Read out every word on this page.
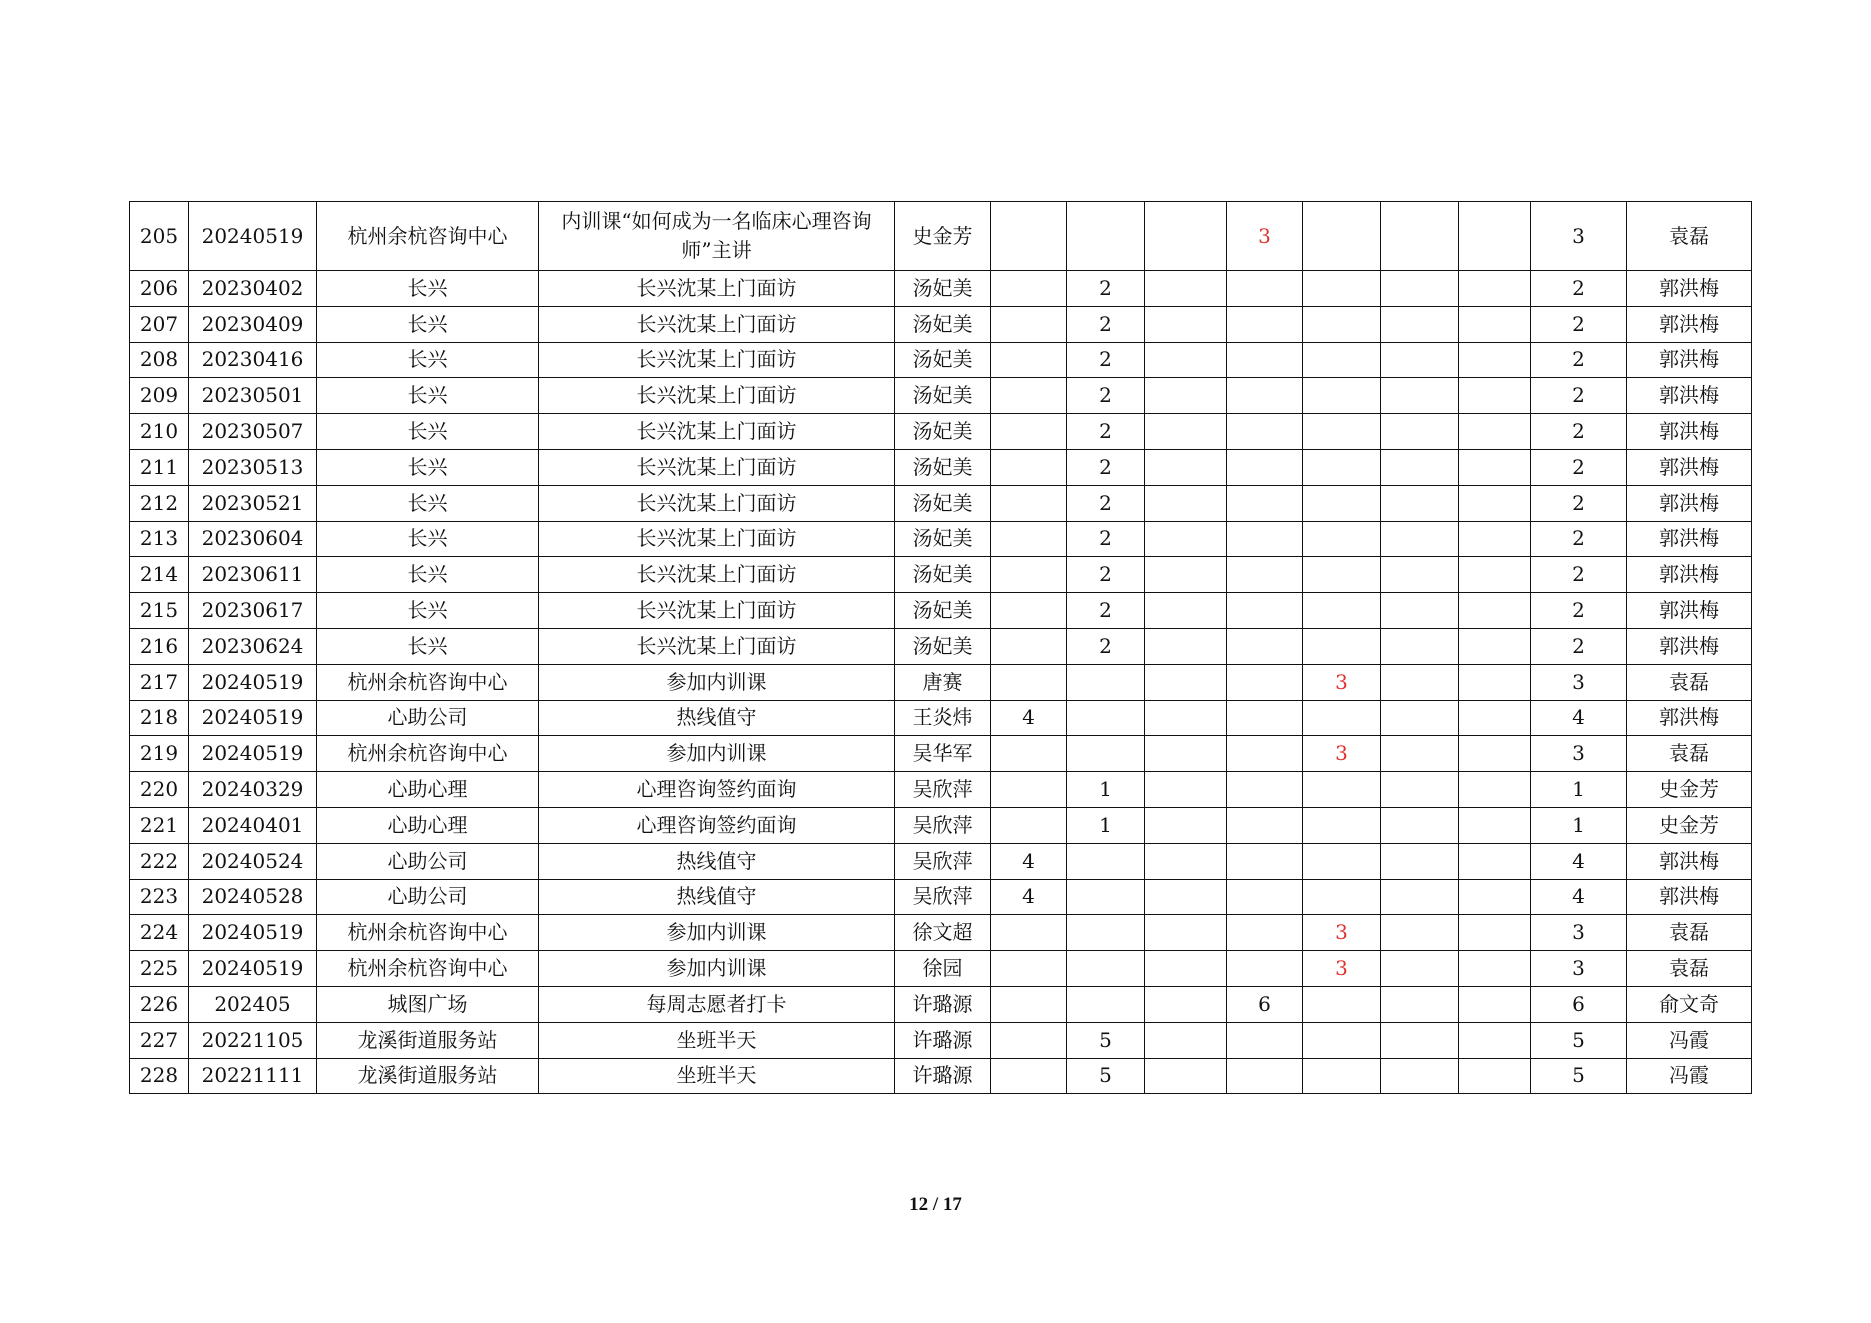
205	20240519	杭州余杭咨询中心	内训课“如何成为一名临床心理咨询师”主讲	史金芳				3				3	袁磊
206	20230402	长兴	长兴沈某上门面访	汤妃美		2						2	郭洪梅
207	20230409	长兴	长兴沈某上门面访	汤妃美		2						2	郭洪梅
208	20230416	长兴	长兴沈某上门面访	汤妃美		2						2	郭洪梅
209	20230501	长兴	长兴沈某上门面访	汤妃美		2						2	郭洪梅
210	20230507	长兴	长兴沈某上门面访	汤妃美		2						2	郭洪梅
211	20230513	长兴	长兴沈某上门面访	汤妃美		2						2	郭洪梅
212	20230521	长兴	长兴沈某上门面访	汤妃美		2						2	郭洪梅
213	20230604	长兴	长兴沈某上门面访	汤妃美		2						2	郭洪梅
214	20230611	长兴	长兴沈某上门面访	汤妃美		2						2	郭洪梅
215	20230617	长兴	长兴沈某上门面访	汤妃美		2						2	郭洪梅
216	20230624	长兴	长兴沈某上门面访	汤妃美		2						2	郭洪梅
217	20240519	杭州余杭咨询中心	参加内训课	唐赛					3			3	袁磊
218	20240519	心助公司	热线值守	王炎炜	4							4	郭洪梅
219	20240519	杭州余杭咨询中心	参加内训课	吴华军					3			3	袁磊
220	20240329	心助心理	心理咨询签约面询	吴欣萍		1						1	史金芳
221	20240401	心助心理	心理咨询签约面询	吴欣萍		1						1	史金芳
222	20240524	心助公司	热线值守	吴欣萍	4							4	郭洪梅
223	20240528	心助公司	热线值守	吴欣萍	4							4	郭洪梅
224	20240519	杭州余杭咨询中心	参加内训课	徐文超					3			3	袁磊
225	20240519	杭州余杭咨询中心	参加内训课	徐园					3			3	袁磊
226	202405	城图广场	每周志愿者打卡	许璐源				6				6	俞文奇
227	20221105	龙溪街道服务站	坐班半天	许璐源		5						5	冯霞
228	20221111	龙溪街道服务站	坐班半天	许璐源		5						5	冯霞
12 / 17
